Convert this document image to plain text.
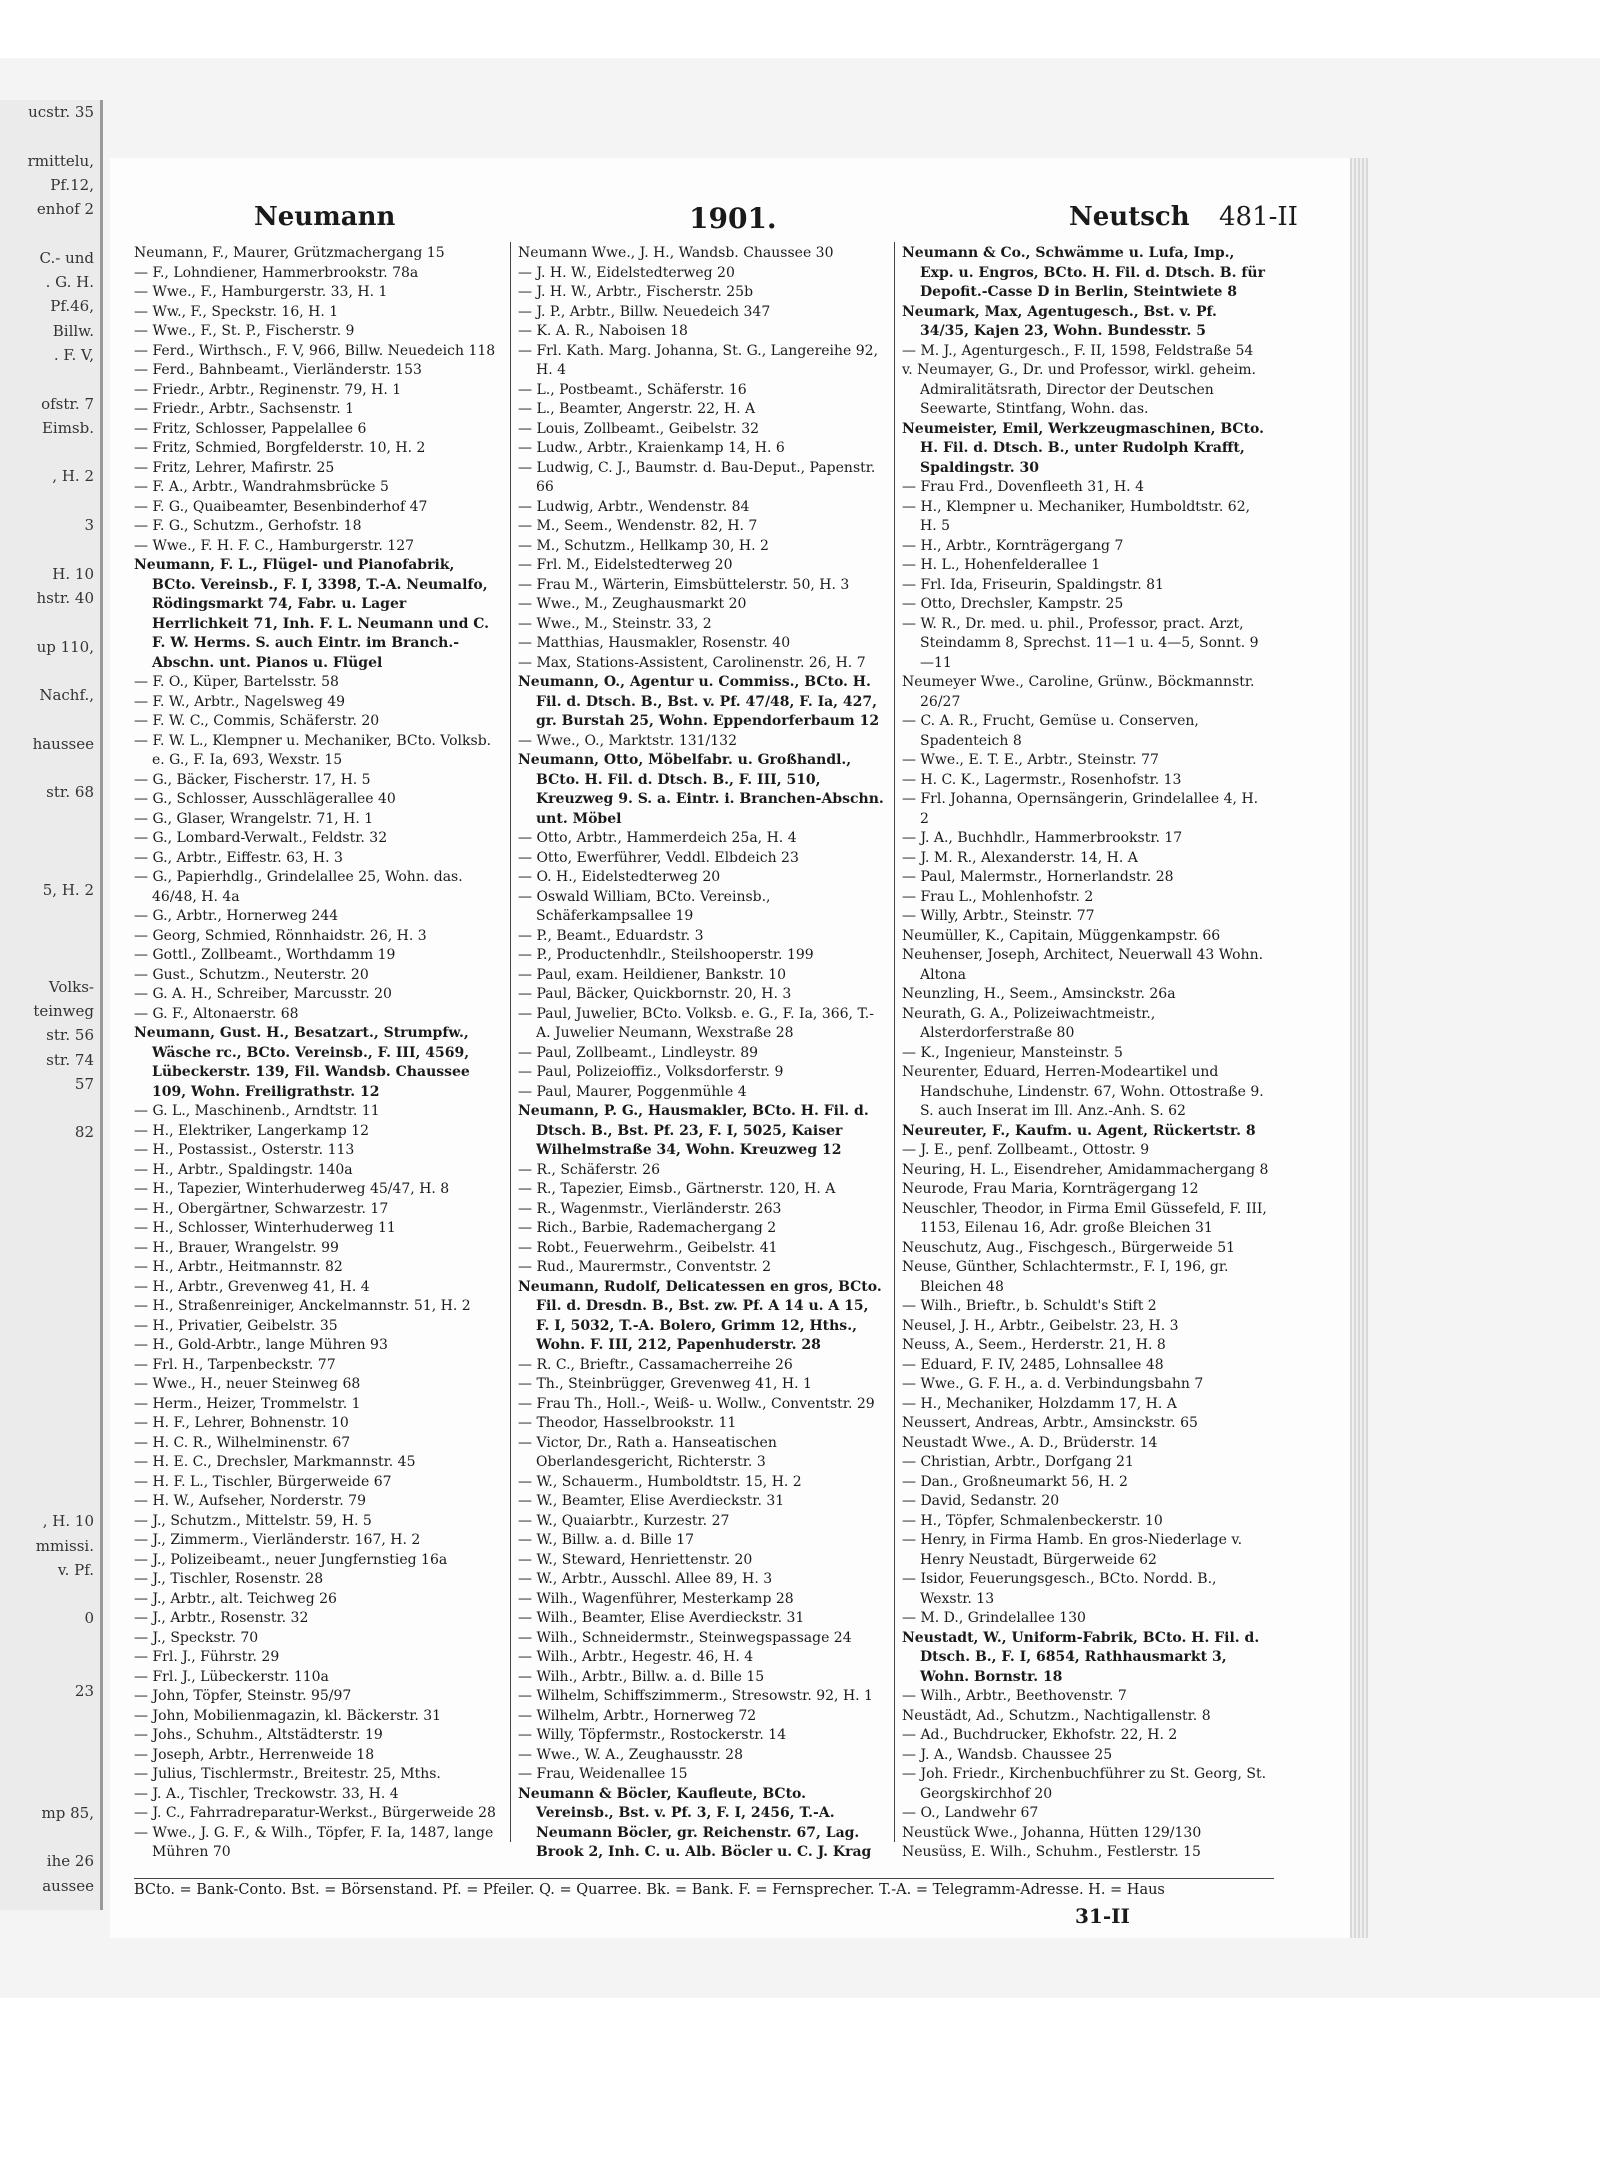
ucstr. 35

rmittelu,
Pf.12,
enhof 2

C.- und
. G. H.
Pf.46,
Billw.
. F. V,

ofstr. 7
Eimsb.

, H. 2

3

H. 10
hstr. 40

up 110,

Nachf.,

haussee

str. 68

5, H. 2

Volks-
teinweg
str. 56
str. 74
57

82

, H. 10
mmissi.
v. Pf.

0

23

mp 85,

ihe 26
aussee

Neumann	1901.	Neutsch 481-II

Neumann, F., Maurer, Grützmachergang 15

— F., Lohndiener, Hammerbrookstr. 78a

— Wwe., F., Hamburgerstr. 33, H. 1

— Ww., F., Speckstr. 16, H. 1

— Wwe., F., St. P., Fischerstr. 9

— Ferd., Wirthsch., F. V, 966, Billw. Neuedeich 118

— Ferd., Bahnbeamt., Vierländerstr. 153

— Friedr., Arbtr., Reginenstr. 79, H. 1

— Friedr., Arbtr., Sachsenstr. 1

— Fritz, Schlosser, Pappelallee 6

— Fritz, Schmied, Borgfelderstr. 10, H. 2

— Fritz, Lehrer, Mafirstr. 25

— F. A., Arbtr., Wandrahmsbrücke 5

— F. G., Quaibeamter, Besenbinderhof 47

— F. G., Schutzm., Gerhofstr. 18

— Wwe., F. H. F. C., Hamburgerstr. 127

Neumann, F. L., Flügel- und Pianofabrik, BCto. Vereinsb., F. I, 3398, T.-A. Neumalfo, Rödingsmarkt 74, Fabr. u. Lager Herrlichkeit 71, Inh. F. L. Neumann und C. F. W. Herms. S. auch Eintr. im Branch.-Abschn. unt. Pianos u. Flügel

— F. O., Küper, Bartelsstr. 58

— F. W., Arbtr., Nagelsweg 49

— F. W. C., Commis, Schäferstr. 20

— F. W. L., Klempner u. Mechaniker, BCto. Volksb. e. G., F. Ia, 693, Wexstr. 15

— G., Bäcker, Fischerstr. 17, H. 5

— G., Schlosser, Ausschlägerallee 40

— G., Glaser, Wrangelstr. 71, H. 1

— G., Lombard-Verwalt., Feldstr. 32

— G., Arbtr., Eiffestr. 63, H. 3

— G., Papierhdlg., Grindelallee 25, Wohn. das. 46/48, H. 4a

— G., Arbtr., Hornerweg 244

— Georg, Schmied, Rönnhaidstr. 26, H. 3

— Gottl., Zollbeamt., Worthdamm 19

— Gust., Schutzm., Neuterstr. 20

— G. A. H., Schreiber, Marcusstr. 20

— G. F., Altonaerstr. 68

Neumann, Gust. H., Besatzart., Strumpfw., Wäsche rc., BCto. Vereinsb., F. III, 4569, Lübeckerstr. 139, Fil. Wandsb. Chaussee 109, Wohn. Freiligrathstr. 12

— G. L., Maschinenb., Arndtstr. 11

— H., Elektriker, Langerkamp 12

— H., Postassist., Osterstr. 113

— H., Arbtr., Spaldingstr. 140a

— H., Tapezier, Winterhuderweg 45/47, H. 8

— H., Obergärtner, Schwarzestr. 17

— H., Schlosser, Winterhuderweg 11

— H., Brauer, Wrangelstr. 99

— H., Arbtr., Heitmannstr. 82

— H., Arbtr., Grevenweg 41, H. 4

— H., Straßenreiniger, Anckelmannstr. 51, H. 2

— H., Privatier, Geibelstr. 35

— H., Gold-Arbtr., lange Mühren 93

— Frl. H., Tarpenbeckstr. 77

— Wwe., H., neuer Steinweg 68

— Herm., Heizer, Trommelstr. 1

— H. F., Lehrer, Bohnenstr. 10

— H. C. R., Wilhelminenstr. 67

— H. E. C., Drechsler, Markmannstr. 45

— H. F. L., Tischler, Bürgerweide 67

— H. W., Aufseher, Norderstr. 79

— J., Schutzm., Mittelstr. 59, H. 5

— J., Zimmerm., Vierländerstr. 167, H. 2

— J., Polizeibeamt., neuer Jungfernstieg 16a

— J., Tischler, Rosenstr. 28

— J., Arbtr., alt. Teichweg 26

— J., Arbtr., Rosenstr. 32

— J., Speckstr. 70

— Frl. J., Führstr. 29

— Frl. J., Lübeckerstr. 110a

— John, Töpfer, Steinstr. 95/97

— John, Mobilienmagazin, kl. Bäckerstr. 31

— Johs., Schuhm., Altstädterstr. 19

— Joseph, Arbtr., Herrenweide 18

— Julius, Tischlermstr., Breitestr. 25, Mths.

— J. A., Tischler, Treckowstr. 33, H. 4

— J. C., Fahrradreparatur-Werkst., Bürgerweide 28

— Wwe., J. G. F., & Wilh., Töpfer, F. Ia, 1487, lange Mühren 70

Neumann Wwe., J. H., Wandsb. Chaussee 30

— J. H. W., Eidelstedterweg 20

— J. H. W., Arbtr., Fischerstr. 25b

— J. P., Arbtr., Billw. Neuedeich 347

— K. A. R., Naboisen 18

— Frl. Kath. Marg. Johanna, St. G., Langereihe 92, H. 4

— L., Postbeamt., Schäferstr. 16

— L., Beamter, Angerstr. 22, H. A

— Louis, Zollbeamt., Geibelstr. 32

— Ludw., Arbtr., Kraienkamp 14, H. 6

— Ludwig, C. J., Baumstr. d. Bau-Deput., Papenstr. 66

— Ludwig, Arbtr., Wendenstr. 84

— M., Seem., Wendenstr. 82, H. 7

— M., Schutzm., Hellkamp 30, H. 2

— Frl. M., Eidelstedterweg 20

— Frau M., Wärterin, Eimsbüttelerstr. 50, H. 3

— Wwe., M., Zeughausmarkt 20

— Wwe., M., Steinstr. 33, 2

— Matthias, Hausmakler, Rosenstr. 40

— Max, Stations-Assistent, Carolinenstr. 26, H. 7

Neumann, O., Agentur u. Commiss., BCto. H. Fil. d. Dtsch. B., Bst. v. Pf. 47/48, F. Ia, 427, gr. Burstah 25, Wohn. Eppendorferbaum 12

— Wwe., O., Marktstr. 131/132

Neumann, Otto, Möbelfabr. u. Großhandl., BCto. H. Fil. d. Dtsch. B., F. III, 510, Kreuzweg 9. S. a. Eintr. i. Branchen-Abschn. unt. Möbel

— Otto, Arbtr., Hammerdeich 25a, H. 4

— Otto, Ewerführer, Veddl. Elbdeich 23

— O. H., Eidelstedterweg 20

— Oswald William, BCto. Vereinsb., Schäferkampsallee 19

— P., Beamt., Eduardstr. 3

— P., Productenhdlr., Steilshooperstr. 199

— Paul, exam. Heildiener, Bankstr. 10

— Paul, Bäcker, Quickbornstr. 20, H. 3

— Paul, Juwelier, BCto. Volksb. e. G., F. Ia, 366, T.-A. Juwelier Neumann, Wexstraße 28

— Paul, Zollbeamt., Lindleystr. 89

— Paul, Polizeioffiz., Volksdorferstr. 9

— Paul, Maurer, Poggenmühle 4

Neumann, P. G., Hausmakler, BCto. H. Fil. d. Dtsch. B., Bst. Pf. 23, F. I, 5025, Kaiser Wilhelmstraße 34, Wohn. Kreuzweg 12

— R., Schäferstr. 26

— R., Tapezier, Eimsb., Gärtnerstr. 120, H. A

— R., Wagenmstr., Vierländerstr. 263

— Rich., Barbie, Rademachergang 2

— Robt., Feuerwehrm., Geibelstr. 41

— Rud., Maurermstr., Conventstr. 2

Neumann, Rudolf, Delicatessen en gros, BCto. Fil. d. Dresdn. B., Bst. zw. Pf. A 14 u. A 15, F. I, 5032, T.-A. Bolero, Grimm 12, Hths., Wohn. F. III, 212, Papenhuderstr. 28

— R. C., Brieftr., Cassamacherreihe 26

— Th., Steinbrügger, Grevenweg 41, H. 1

— Frau Th., Holl.-, Weiß- u. Wollw., Conventstr. 29

— Theodor, Hasselbrookstr. 11

— Victor, Dr., Rath a. Hanseatischen Oberlandesgericht, Richterstr. 3

— W., Schauerm., Humboldtstr. 15, H. 2

— W., Beamter, Elise Averdieckstr. 31

— W., Quaiarbtr., Kurzestr. 27

— W., Billw. a. d. Bille 17

— W., Steward, Henriettenstr. 20

— W., Arbtr., Ausschl. Allee 89, H. 3

— Wilh., Wagenführer, Mesterkamp 28

— Wilh., Beamter, Elise Averdieckstr. 31

— Wilh., Schneidermstr., Steinwegspassage 24

— Wilh., Arbtr., Hegestr. 46, H. 4

— Wilh., Arbtr., Billw. a. d. Bille 15

— Wilhelm, Schiffszimmerm., Stresowstr. 92, H. 1

— Wilhelm, Arbtr., Hornerweg 72

— Willy, Töpfermstr., Rostockerstr. 14

— Wwe., W. A., Zeughausstr. 28

— Frau, Weidenallee 15

Neumann & Böcler, Kaufleute, BCto. Vereinsb., Bst. v. Pf. 3, F. I, 2456, T.-A. Neumann Böcler, gr. Reichenstr. 67, Lag. Brook 2, Inh. C. u. Alb. Böcler u. C. J. Krag

Neumann & Co., Schwämme u. Lufa, Imp., Exp. u. Engros, BCto. H. Fil. d. Dtsch. B. für Depofit.-Casse D in Berlin, Steintwiete 8

Neumark, Max, Agentugesch., Bst. v. Pf. 34/35, Kajen 23, Wohn. Bundesstr. 5

— M. J., Agenturgesch., F. II, 1598, Feldstraße 54

v. Neumayer, G., Dr. und Professor, wirkl. geheim. Admiralitätsrath, Director der Deutschen Seewarte, Stintfang, Wohn. das.

Neumeister, Emil, Werkzeugmaschinen, BCto. H. Fil. d. Dtsch. B., unter Rudolph Krafft, Spaldingstr. 30

— Frau Frd., Dovenfleeth 31, H. 4

— H., Klempner u. Mechaniker, Humboldtstr. 62, H. 5

— H., Arbtr., Kornträgergang 7

— H. L., Hohenfelderallee 1

— Frl. Ida, Friseurin, Spaldingstr. 81

— Otto, Drechsler, Kampstr. 25

— W. R., Dr. med. u. phil., Professor, pract. Arzt, Steindamm 8, Sprechst. 11—1 u. 4—5, Sonnt. 9—11

Neumeyer Wwe., Caroline, Grünw., Böckmannstr. 26/27

— C. A. R., Frucht, Gemüse u. Conserven, Spadenteich 8

— Wwe., E. T. E., Arbtr., Steinstr. 77

— H. C. K., Lagermstr., Rosenhofstr. 13

— Frl. Johanna, Opernsängerin, Grindelallee 4, H. 2

— J. A., Buchhdlr., Hammerbrookstr. 17

— J. M. R., Alexanderstr. 14, H. A

— Paul, Malermstr., Hornerlandstr. 28

— Frau L., Mohlenhofstr. 2

— Willy, Arbtr., Steinstr. 77

Neumüller, K., Capitain, Müggenkampstr. 66

Neuhenser, Joseph, Architect, Neuerwall 43 Wohn. Altona

Neunzling, H., Seem., Amsinckstr. 26a

Neurath, G. A., Polizeiwachtmeistr., Alsterdorferstraße 80

— K., Ingenieur, Mansteinstr. 5

Neurenter, Eduard, Herren-Modeartikel und Handschuhe, Lindenstr. 67, Wohn. Ottostraße 9. S. auch Inserat im Ill. Anz.-Anh. S. 62

Neureuter, F., Kaufm. u. Agent, Rückertstr. 8

— J. E., penf. Zollbeamt., Ottostr. 9

Neuring, H. L., Eisendreher, Amidammachergang 8

Neurode, Frau Maria, Kornträgergang 12

Neuschler, Theodor, in Firma Emil Güssefeld, F. III, 1153, Eilenau 16, Adr. große Bleichen 31

Neuschutz, Aug., Fischgesch., Bürgerweide 51

Neuse, Günther, Schlachtermstr., F. I, 196, gr. Bleichen 48

— Wilh., Brieftr., b. Schuldt's Stift 2

Neusel, J. H., Arbtr., Geibelstr. 23, H. 3

Neuss, A., Seem., Herderstr. 21, H. 8

— Eduard, F. IV, 2485, Lohnsallee 48

— Wwe., G. F. H., a. d. Verbindungsbahn 7

— H., Mechaniker, Holzdamm 17, H. A

Neussert, Andreas, Arbtr., Amsinckstr. 65

Neustadt Wwe., A. D., Brüderstr. 14

— Christian, Arbtr., Dorfgang 21

— Dan., Großneumarkt 56, H. 2

— David, Sedanstr. 20

— H., Töpfer, Schmalenbeckerstr. 10

— Henry, in Firma Hamb. En gros-Niederlage v. Henry Neustadt, Bürgerweide 62

— Isidor, Feuerungsgesch., BCto. Nordd. B., Wexstr. 13

— M. D., Grindelallee 130

Neustadt, W., Uniform-Fabrik, BCto. H. Fil. d. Dtsch. B., F. I, 6854, Rathhausmarkt 3, Wohn. Bornstr. 18

— Wilh., Arbtr., Beethovenstr. 7

Neustädt, Ad., Schutzm., Nachtigallenstr. 8

— Ad., Buchdrucker, Ekhofstr. 22, H. 2

— J. A., Wandsb. Chaussee 25

— Joh. Friedr., Kirchenbuchführer zu St. Georg, St. Georgskirchhof 20

— O., Landwehr 67

Neustück Wwe., Johanna, Hütten 129/130

Neusüss, E. Wilh., Schuhm., Festlerstr. 15

BCto. = Bank-Conto. Bst. = Börsenstand. Pf. = Pfeiler. Q. = Quarree. Bk. = Bank. F. = Fernsprecher. T.-A. = Telegramm-Adresse. H. = Haus
31-II
